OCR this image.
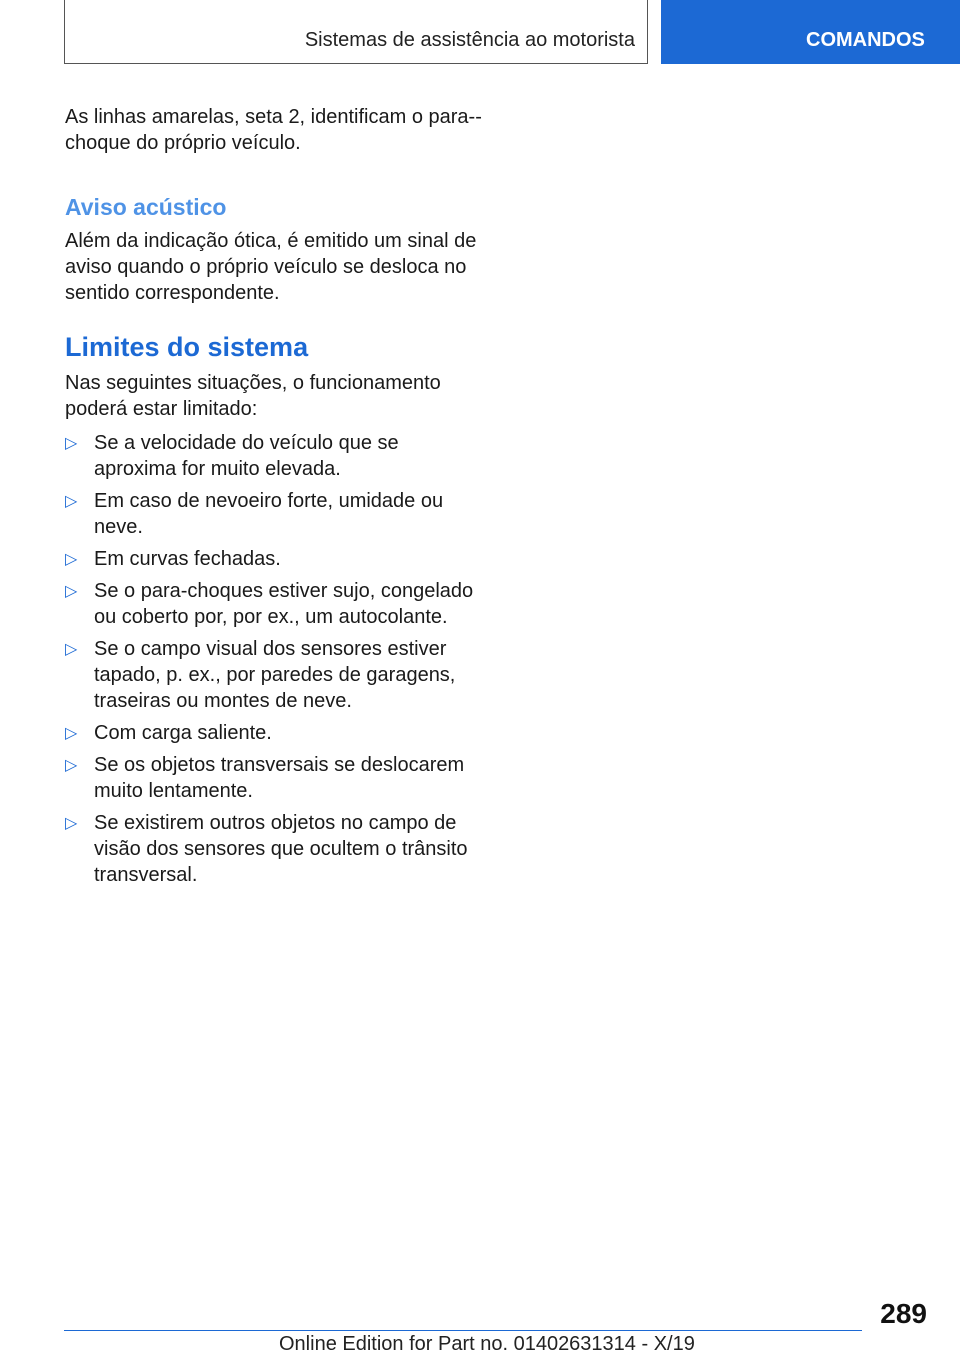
Sistemas de assistência ao motorista	COMANDOS

As linhas amarelas, seta 2, identificam o para--choque do próprio veículo.

Aviso acústico

Além da indicação ótica, é emitido um sinal de aviso quando o próprio veículo se desloca no sentido correspondente.

Limites do sistema

Nas seguintes situações, o funcionamento poderá estar limitado:

▷ Se a velocidade do veículo que se aproxima for muito elevada.
▷ Em caso de nevoeiro forte, umidade ou neve.
▷ Em curvas fechadas.
▷ Se o para-choques estiver sujo, congelado ou coberto por, por ex., um autocolante.
▷ Se o campo visual dos sensores estiver tapado, p. ex., por paredes de garagens, traseiras ou montes de neve.
▷ Com carga saliente.
▷ Se os objetos transversais se deslocarem muito lentamente.
▷ Se existirem outros objetos no campo de visão dos sensores que ocultem o trânsito transversal.
289
Online Edition for Part no. 01402631314 - X/19
